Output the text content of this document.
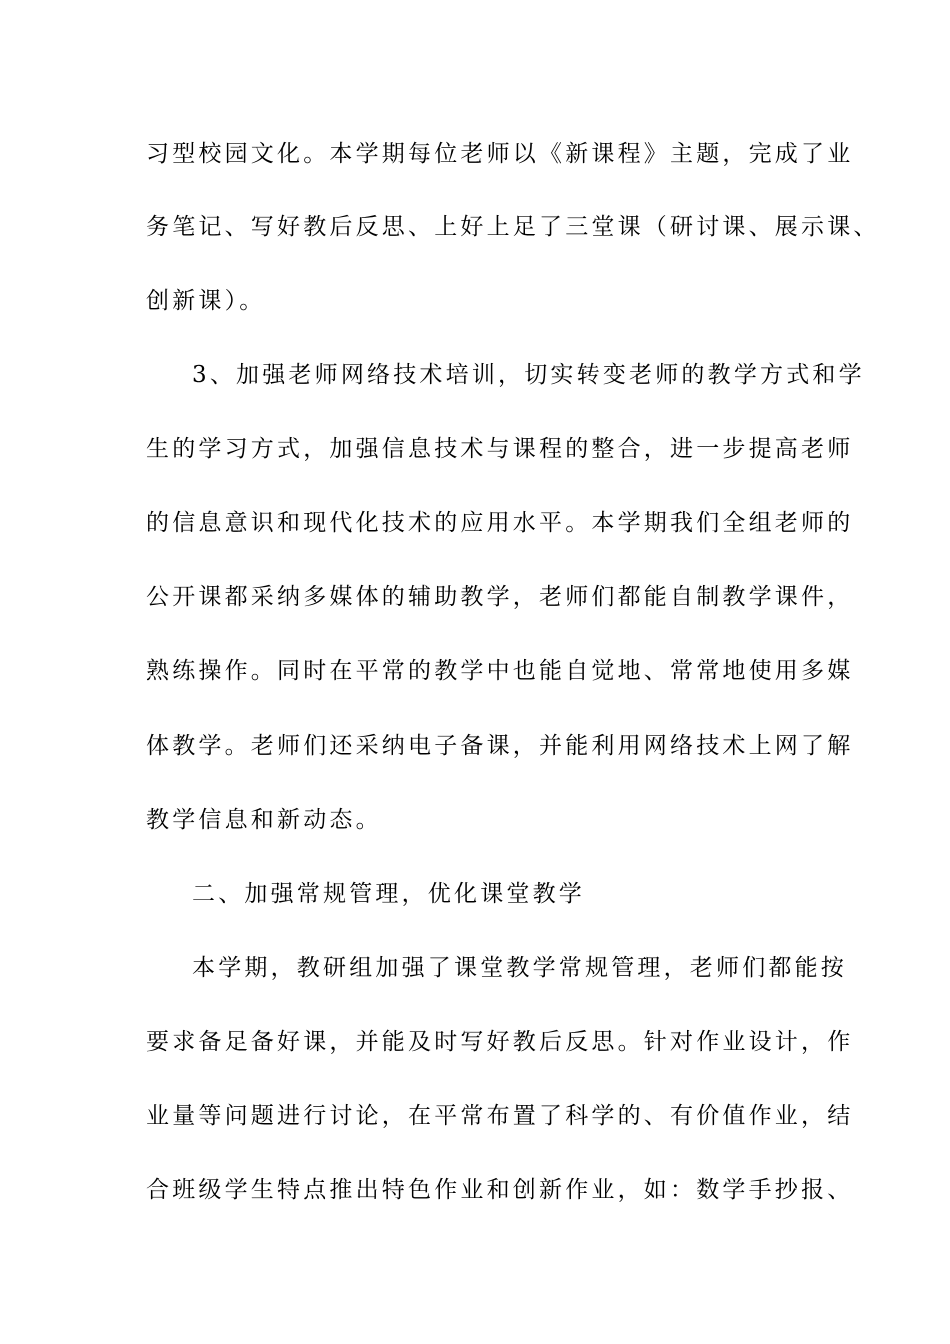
习型校园文化。本学期每位老师以《新课程》主题，完成了业
务笔记、写好教后反思、上好上足了三堂课（研讨课、展示课、
创新课）。
3、加强老师网络技术培训，切实转变老师的教学方式和学
生的学习方式，加强信息技术与课程的整合，进一步提高老师
的信息意识和现代化技术的应用水平。本学期我们全组老师的
公开课都采纳多媒体的辅助教学，老师们都能自制教学课件，
熟练操作。同时在平常的教学中也能自觉地、常常地使用多媒
体教学。老师们还采纳电子备课，并能利用网络技术上网了解
教学信息和新动态。
二、加强常规管理，优化课堂教学
本学期，教研组加强了课堂教学常规管理，老师们都能按
要求备足备好课，并能及时写好教后反思。针对作业设计，作
业量等问题进行讨论，在平常布置了科学的、有价值作业，结
合班级学生特点推出特色作业和创新作业，如：数学手抄报、
